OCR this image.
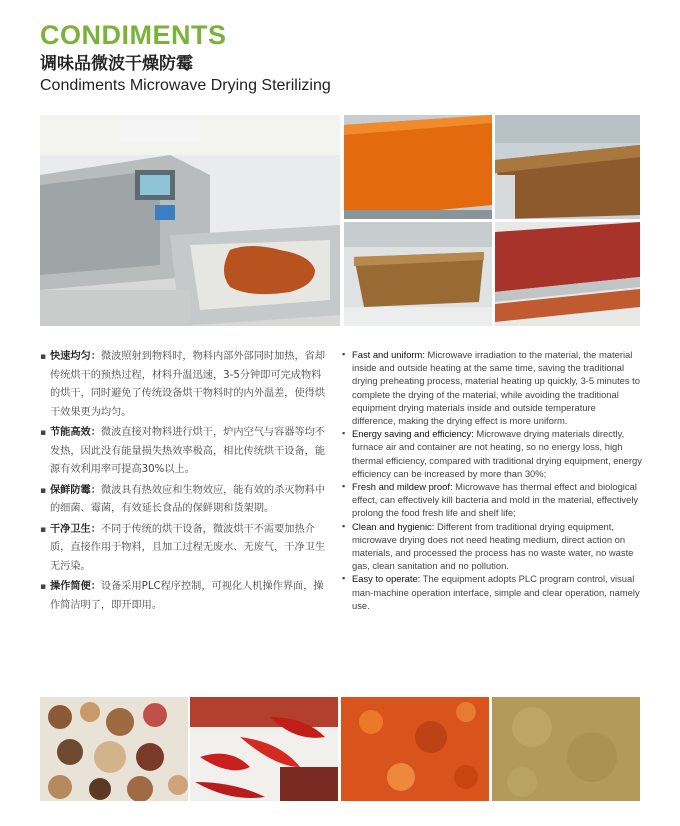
CONDIMENTS
调味品微波干燥防霉
Condiments Microwave Drying Sterilizing

▪ 快速均匀：微波照射到物料时，物料内部外部同时加热，省却传统烘干的预热过程，材料升温迅速，3-5分钟即可完成物料的烘干，同时避免了传统设备烘干物料时的内外温差，使得烘干效果更为均匀。

▪ 节能高效：微波直接对物料进行烘干，炉内空气与容器等均不发热，因此没有能量损失热效率极高，相比传统烘干设备，能源有效利用率可提高30%以上。

▪ 保鲜防霉：微波具有热效应和生物效应，能有效的杀灭物料中的细菌、霉菌，有效延长食品的保鲜期和货架期。

▪ 干净卫生：不同于传统的烘干设备，微波烘干不需要加热介质，直接作用于物料，且加工过程无废水、无废气，干净卫生无污染。

▪ 操作简便：设备采用PLC程序控制，可视化人机操作界面，操作简洁明了，即开即用。

▪ Fast and uniform: Microwave irradiation to the material, the material inside and outside heating at the same time, saving the traditional drying preheating process, material heating up quickly, 3-5 minutes to complete the drying of the material, while avoiding the traditional equipment drying materials inside and outside temperature difference, making the drying effect is more uniform.

▪ Energy saving and efficiency: Microwave drying materials directly, furnace air and container are not heating, so no energy loss, high thermal efficiency, compared with traditional drying equipment, energy efficiency can be increased by more than 30%;

▪ Fresh and mildew proof: Microwave has thermal effect and biological effect, can effectively kill bacteria and mold in the material, effectively prolong the food fresh life and shelf life;

▪ Clean and hygienic: Different from traditional drying equipment, microwave drying does not need heating medium, direct action on materials, and processed the process has no waste water, no waste gas, clean sanitation and no pollution.

▪ Easy to operate: The equipment adopts PLC program control, visual man-machine operation interface, simple and clear operation, namely use.
